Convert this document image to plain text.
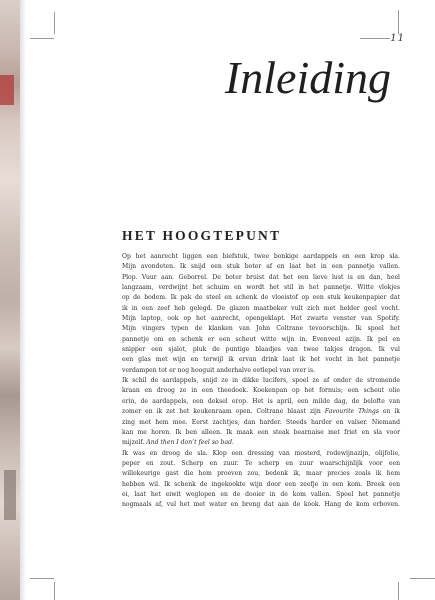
11
Inleiding
HET HOOGTEPUNT
Op het aanrecht liggen een biefstuk, twee bonkige aardappels en een krop sla.
Mijn avondeten. Ik snijd een stuk boter af en laat het in een pannetje vallen.
Plop. Vuur aan. Geborrel. De boter bruist dat het een lieve lust is en dan, heel
langzaam, verdwijnt het schuim en wordt het stil in het pannetje. Witte vlokjes
op de bodem. Ik pak de steel en schenk de vloeistof op een stuk keukenpapier dat
ik in een zeef heb gelegd. De glazen maatbeker vult zich met helder geel vocht.
Mijn laptop, ook op het aanrecht, opengeklapt. Het zwarte venster van Spotify.
Mijn vingers typen de klanken van John Coltrane tevoorschijn. Ik spoel het
pannetje om en schenk er een scheut witte wijn in. Evenveel azijn. Ik pel en
snipper een sjalot, pluk de puntige blaadjes van twee takjes dragon. Ik vul
een glas met wijn en terwijl ik ervan drink laat ik het vocht in het pannetje
verdampen tot er nog hooguit anderhalve eetlepel van over is.
Ik schil de aardappels, snijd ze in dikke lucifers, spoel ze af onder de stromende
kraan en droog ze in een theedoek. Koekenpan op het fornuis; een scheut olie
erin, de aardappels, een deksel erop. Het is april, een milde dag, de belofte van
zomer en ik zet het keukenraam open. Coltrane blaast zijn Favourite Things en ik
zing met hem mee. Eerst zachtjes, dan harder. Steeds harder en valser. Niemand
kan me horen. Ik ben alleen. Ik maak een steak bearnaise met friet en sla voor
mijzelf. And then I don’t feel so bad.
Ik was en droog de sla. Klop een dressing van mosterd, rodewijnazijn, olijfolie,
peper en zout. Scherp en zuur. Te scherp en zuur waarschijnlijk voor een
willekeurige gast die hem proeven zou, bedenk ik, maar precies zoals ik hem
hebben wil. Ik schenk de ingekookte wijn door een zeefje in een kom. Breek een
ei, laat het eiwit weglopen en de dooier in de kom vallen. Spoel het pannetje
nogmaals af, vul het met water en breng dat aan de kook. Hang de kom erboven.
